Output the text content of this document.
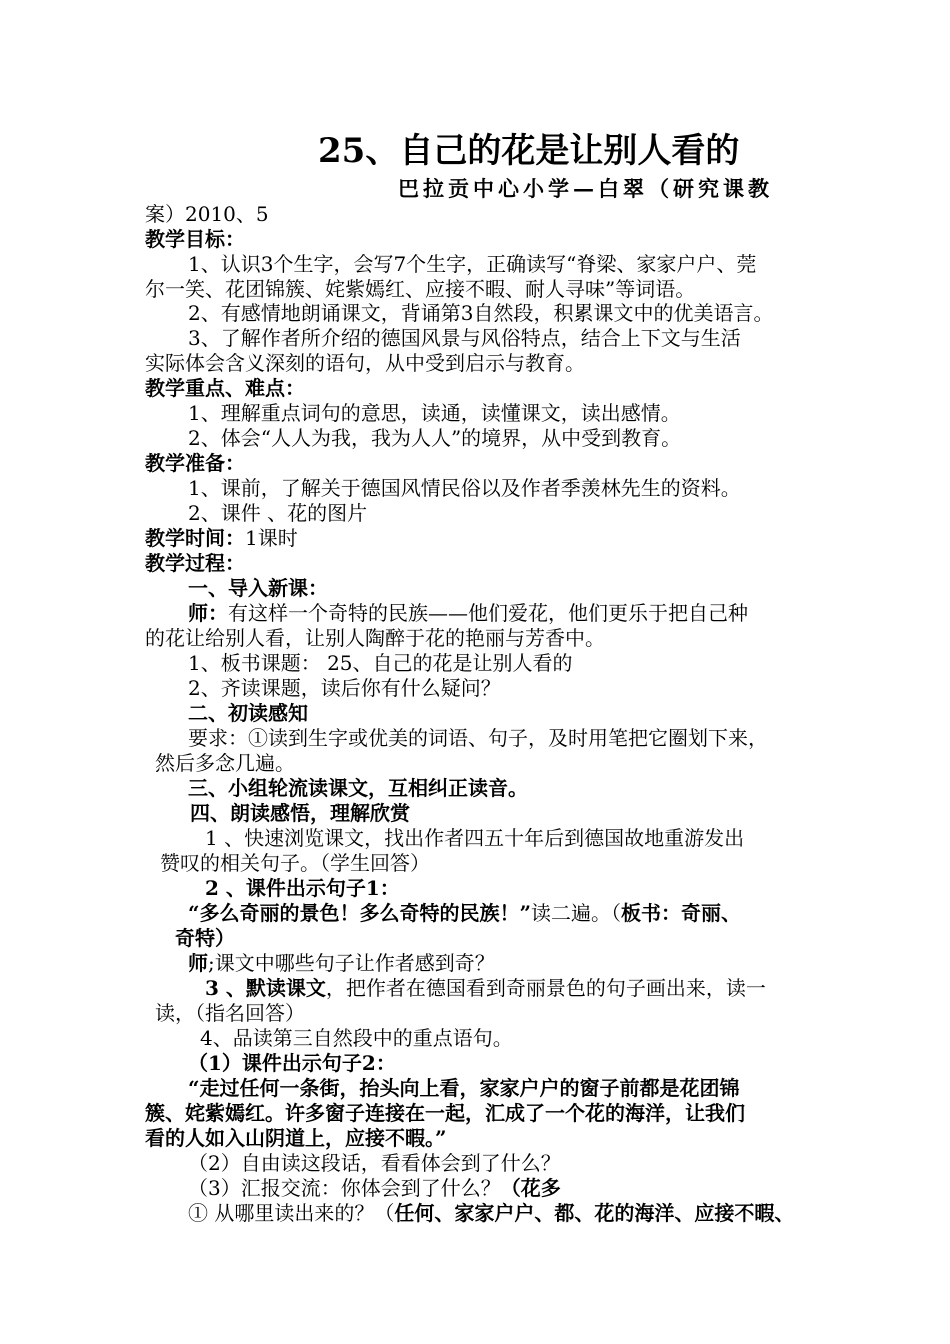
25、自己的花是让别人看的
巴拉贡中心小学—白翠（研究课教
案）2010、5
教学目标：
1、认识3个生字，会写7个生字，正确读写“脊梁、家家户户、莞
尔一笑、花团锦簇、姹紫嫣红、应接不暇、耐人寻味”等词语。
2、有感情地朗诵课文，背诵第3自然段，积累课文中的优美语言。
3、了解作者所介绍的德国风景与风俗特点，结合上下文与生活
实际体会含义深刻的语句，从中受到启示与教育。
教学重点、难点：
1、理解重点词句的意思，读通，读懂课文，读出感情。
2、体会“人人为我，我为人人”的境界，从中受到教育。
教学准备：
1、课前，了解关于德国风情民俗以及作者季羡林先生的资料。
2、课件 、花的图片
教学时间：1课时
教学过程：
一、导入新课：
师：有这样一个奇特的民族——他们爱花，他们更乐于把自己种
的花让给别人看，让别人陶醉于花的艳丽与芳香中。
1、板书课题： 25、自己的花是让别人看的
2、齐读课题，读后你有什么疑问？
二、初读感知
要求：①读到生字或优美的词语、句子，及时用笔把它圈划下来，
然后多念几遍。
三、小组轮流读课文，互相纠正读音。
四、朗读感悟，理解欣赏
1 、快速浏览课文，找出作者四五十年后到德国故地重游发出
赞叹的相关句子。（学生回答）
2 、课件出示句子1：
“多么奇丽的景色！多么奇特的民族！”读二遍。（板书：奇丽、
奇特）
师;课文中哪些句子让作者感到奇？
3 、默读课文，把作者在德国看到奇丽景色的句子画出来，读一
读，（指名回答）
4、品读第三自然段中的重点语句。
（1）课件出示句子2：
“走过任何一条街，抬头向上看，家家户户的窗子前都是花团锦
簇、姹紫嫣红。许多窗子连接在一起，汇成了一个花的海洋，让我们
看的人如入山阴道上，应接不暇。”
（2）自由读这段话，看看体会到了什么？
（3）汇报交流：你体会到了什么？（花多
① 从哪里读出来的？（任何、家家户户、都、花的海洋、应接不暇、
